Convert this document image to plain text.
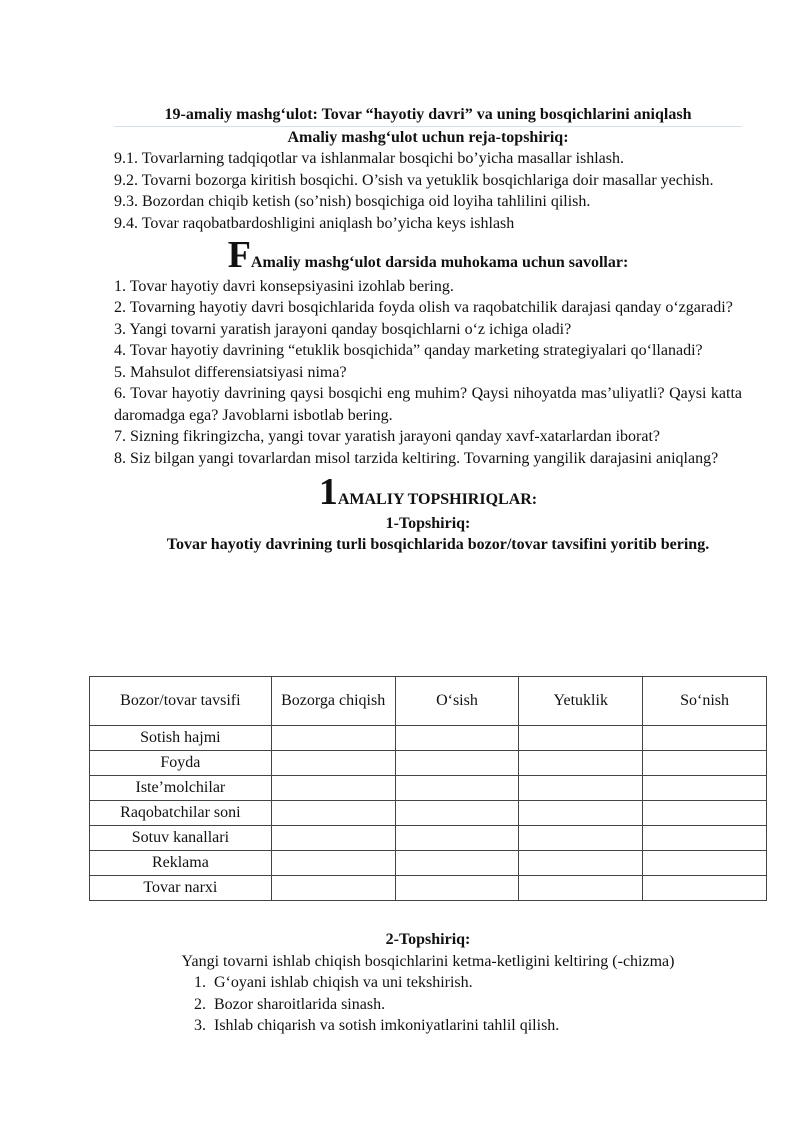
19-amaliy mashg‘ulot: Tovar “hayotiy davri” va uning bosqichlarini aniqlash

Amaliy mashg‘ulot uchun reja-topshiriq:

9.1. Tovarlarning tadqiqotlar va ishlanmalar bosqichi bo’yicha masallar ishlash.

9.2. Tovarni bozorga kiritish bosqichi. O’sish va yetuklik bosqichlariga doir masallar yechish.

9.3. Bozordan chiqib ketish (so’nish) bosqichiga oid loyiha tahlilini qilish.

9.4. Tovar raqobatbardoshligini aniqlash bo’yicha keys ishlash

FAmaliy mashg‘ulot darsida muhokama uchun savollar:

1. Tovar hayotiy davri konsepsiyasini izohlab bering.

2. Tovarning hayotiy davri bosqichlarida foyda olish va raqobatchilik darajasi qanday o‘zgaradi?

3. Yangi tovarni yaratish jarayoni qanday bosqichlarni o‘z ichiga oladi?

4. Tovar hayotiy davrining “etuklik bosqichida” qanday marketing strategiyalari qo‘llanadi?

5. Mahsulot differensiatsiyasi nima?

6. Tovar hayotiy davrining qaysi bosqichi eng muhim? Qaysi nihoyatda mas’uliyatli? Qaysi katta daromadga ega? Javoblarni isbotlab bering.

7. Sizning fikringizcha, yangi tovar yaratish jarayoni qanday xavf-xatarlardan iborat?

8. Siz bilgan yangi tovarlardan misol tarzida keltiring. Tovarning yangilik darajasini aniqlang?

1AMALIY TOPSHIRIQLAR:

1-Topshiriq:

Tovar hayotiy davrining turli bosqichlarida bozor/tovar tavsifini yoritib bering.

Bozor/tovar tavsifi	Bozorga chiqish	O‘sish	Yetuklik	So‘nish
Sotish hajmi				
Foyda				
Iste’molchilar				
Raqobatchilar soni				
Sotuv kanallari				
Reklama				
Tovar narxi				

2-Topshiriq:

Yangi tovarni ishlab chiqish bosqichlarini ketma-ketligini keltiring (-chizma)

1. G‘oyani ishlab chiqish va uni tekshirish.
2. Bozor sharoitlarida sinash.
3. Ishlab chiqarish va sotish imkoniyatlarini tahlil qilish.
